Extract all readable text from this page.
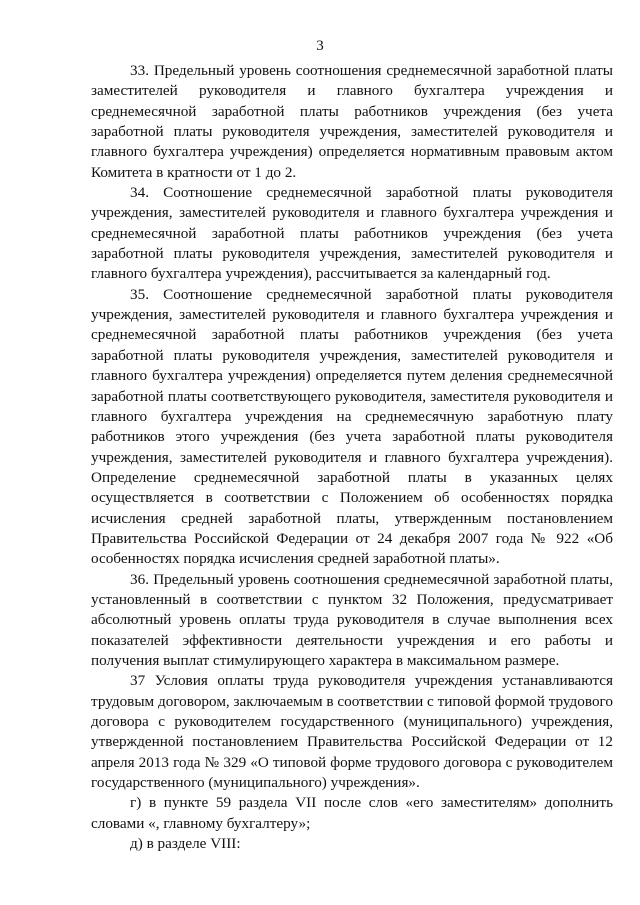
3

33. Предельный уровень соотношения среднемесячной заработной платы заместителей руководителя и главного бухгалтера учреждения и среднемесячной заработной платы работников учреждения (без учета заработной платы руководителя учреждения, заместителей руководителя и главного бухгалтера учреждения) определяется нормативным правовым актом Комитета в кратности от 1 до 2.

34. Соотношение среднемесячной заработной платы руководителя учреждения, заместителей руководителя и главного бухгалтера учреждения и среднемесячной заработной платы работников учреждения (без учета заработной платы руководителя учреждения, заместителей руководителя и главного бухгалтера учреждения), рассчитывается за календарный год.

35. Соотношение среднемесячной заработной платы руководителя учреждения, заместителей руководителя и главного бухгалтера учреждения и среднемесячной заработной платы работников учреждения (без учета заработной платы руководителя учреждения, заместителей руководителя и главного бухгалтера учреждения) определяется путем деления среднемесячной заработной платы соответствующего руководителя, заместителя руководителя и главного бухгалтера учреждения на среднемесячную заработную плату работников этого учреждения (без учета заработной платы руководителя учреждения, заместителей руководителя и главного бухгалтера учреждения). Определение среднемесячной заработной платы в указанных целях осуществляется в соответствии с Положением об особенностях порядка исчисления средней заработной платы, утвержденным постановлением Правительства Российской Федерации от 24 декабря 2007 года № 922 «Об особенностях порядка исчисления средней заработной платы».

36. Предельный уровень соотношения среднемесячной заработной платы, установленный в соответствии с пунктом 32 Положения, предусматривает абсолютный уровень оплаты труда руководителя в случае выполнения всех показателей эффективности деятельности учреждения и его работы и получения выплат стимулирующего характера в максимальном размере.

37 Условия оплаты труда руководителя учреждения устанавливаются трудовым договором, заключаемым в соответствии с типовой формой трудового договора с руководителем государственного (муниципального) учреждения, утвержденной постановлением Правительства Российской Федерации от 12 апреля 2013 года № 329 «О типовой форме трудового договора с руководителем государственного (муниципального) учреждения».

г) в пункте 59 раздела VII после слов «его заместителям» дополнить словами «, главному бухгалтеру»;

д) в разделе VIII:
